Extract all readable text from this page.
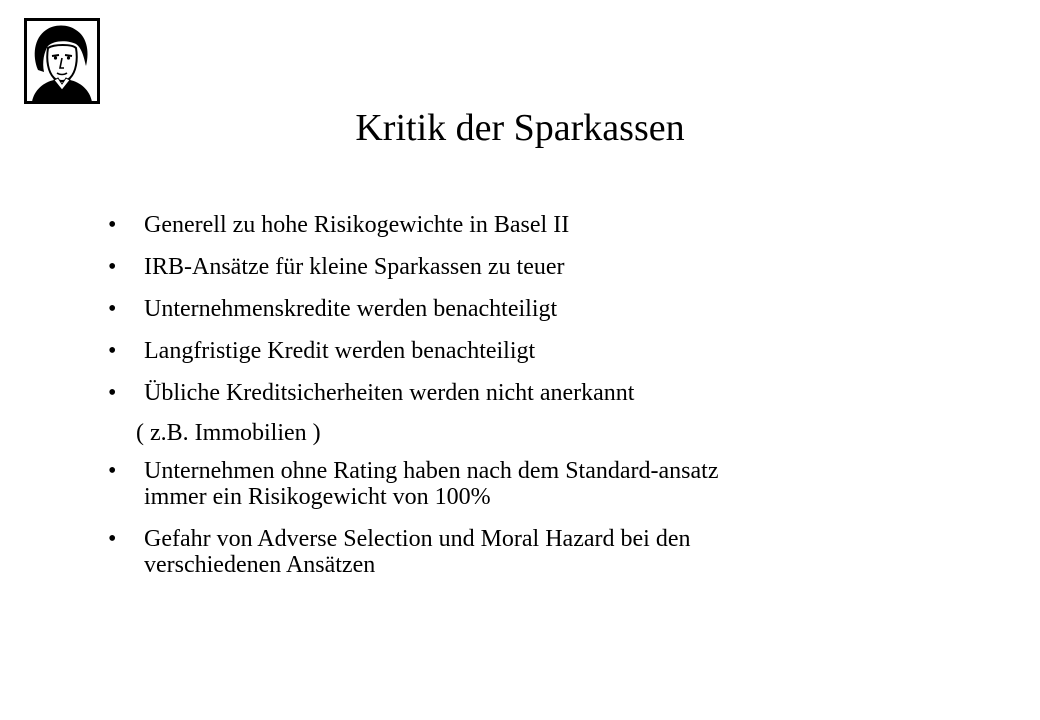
Kritik der Sparkassen
•	Generell zu hohe Risikogewichte in Basel II
•	IRB-Ansätze für kleine Sparkassen zu teuer
•	Unternehmenskredite werden benachteiligt
•	Langfristige Kredit werden benachteiligt
•	Übliche Kreditsicherheiten werden nicht anerkannt
( z.B. Immobilien )
•	Unternehmen ohne Rating haben nach dem Standard-ansatz
immer ein Risikogewicht von 100%
•	Gefahr von Adverse Selection und Moral Hazard bei den
verschiedenen Ansätzen
